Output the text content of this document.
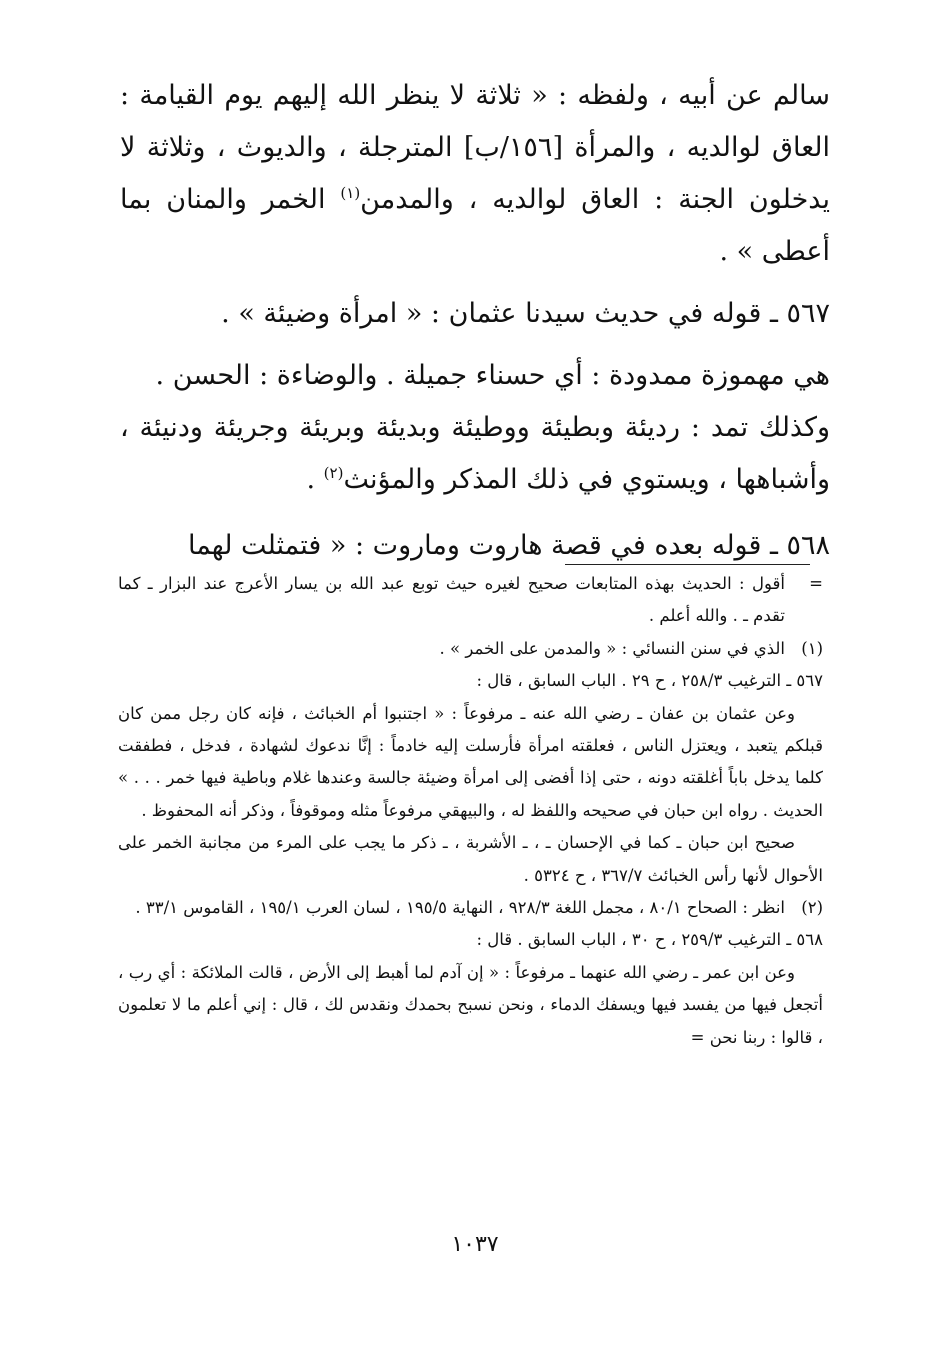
سالم عن أبيه ، ولفظه : « ثلاثة لا ينظر الله إليهم يوم القيامة : العاق لوالديه ، والمرأة [١٥٦/ب] المترجلة ، والديوث ، وثلاثة لا يدخلون الجنة : العاق لوالديه ، والمدمن$^{(١)}$ الخمر والمنان بما أعطى » .

٥٦٧ ـ قوله في حديث سيدنا عثمان : « امرأة وضيئة » .

هي مهموزة ممدودة : أي حسناء جميلة . والوضاءة : الحسن .

وكذلك تمد : رديئة وبطيئة ووطيئة وبديئة وبريئة وجريئة ودنيئة ، وأشباهها ، ويستوي في ذلك المذكر والمؤنث$^{(٢)}$ .

٥٦٨ ـ قوله بعده في قصة هاروت وماروت : « فتمثلت لهما

=
أقول : الحديث بهذه المتابعات صحيح لغيره حيث توبع عبد الله بن يسار الأعرج عند البزار ـ كما تقدم ـ . والله أعلم .
(١)
الذي في سنن النسائي : « والمدمن على الخمر » .
٥٦٧ ـ الترغيب ٢٥٨/٣ ، ح ٢٩ . الباب السابق ، قال :
وعن عثمان بن عفان ـ رضي الله عنه ـ مرفوعاً : « اجتنبوا أم الخبائث ، فإنه كان رجل ممن كان قبلكم يتعبد ، ويعتزل الناس ، فعلقته امرأة فأرسلت إليه خادماً : إنَّا ندعوك لشهادة ، فدخل ، فطفقت كلما يدخل باباً أغلقته دونه ، حتى إذا أفضى إلى امرأة وضيئة جالسة وعندها غلام وباطية فيها خمر . . . » الحديث . رواه ابن حبان في صحيحه واللفظ له ، والبيهقي مرفوعاً مثله وموقوفاً ، وذكر أنه المحفوظ .
صحيح ابن حبان ـ كما في الإحسان ـ ، ـ الأشربة ، ـ ذكر ما يجب على المرء من مجانبة الخمر على الأحوال لأنها رأس الخبائث ٣٦٧/٧ ، ح ٥٣٢٤ .
(٢)
انظر : الصحاح ٨٠/١ ، مجمل اللغة ٩٢٨/٣ ، النهاية ١٩٥/٥ ، لسان العرب ١٩٥/١ ، القاموس ٣٣/١ .
٥٦٨ ـ الترغيب ٢٥٩/٣ ، ح ٣٠ ، الباب السابق . قال :
وعن ابن عمر ـ رضي الله عنهما ـ مرفوعاً : « إن آدم لما أهبط إلى الأرض ، قالت الملائكة : أي رب ، أتجعل فيها من يفسد فيها ويسفك الدماء ، ونحن نسبح بحمدك ونقدس لك ، قال : إني أعلم ما لا تعلمون ، قالوا : ربنا نحن =
١٠٣٧
